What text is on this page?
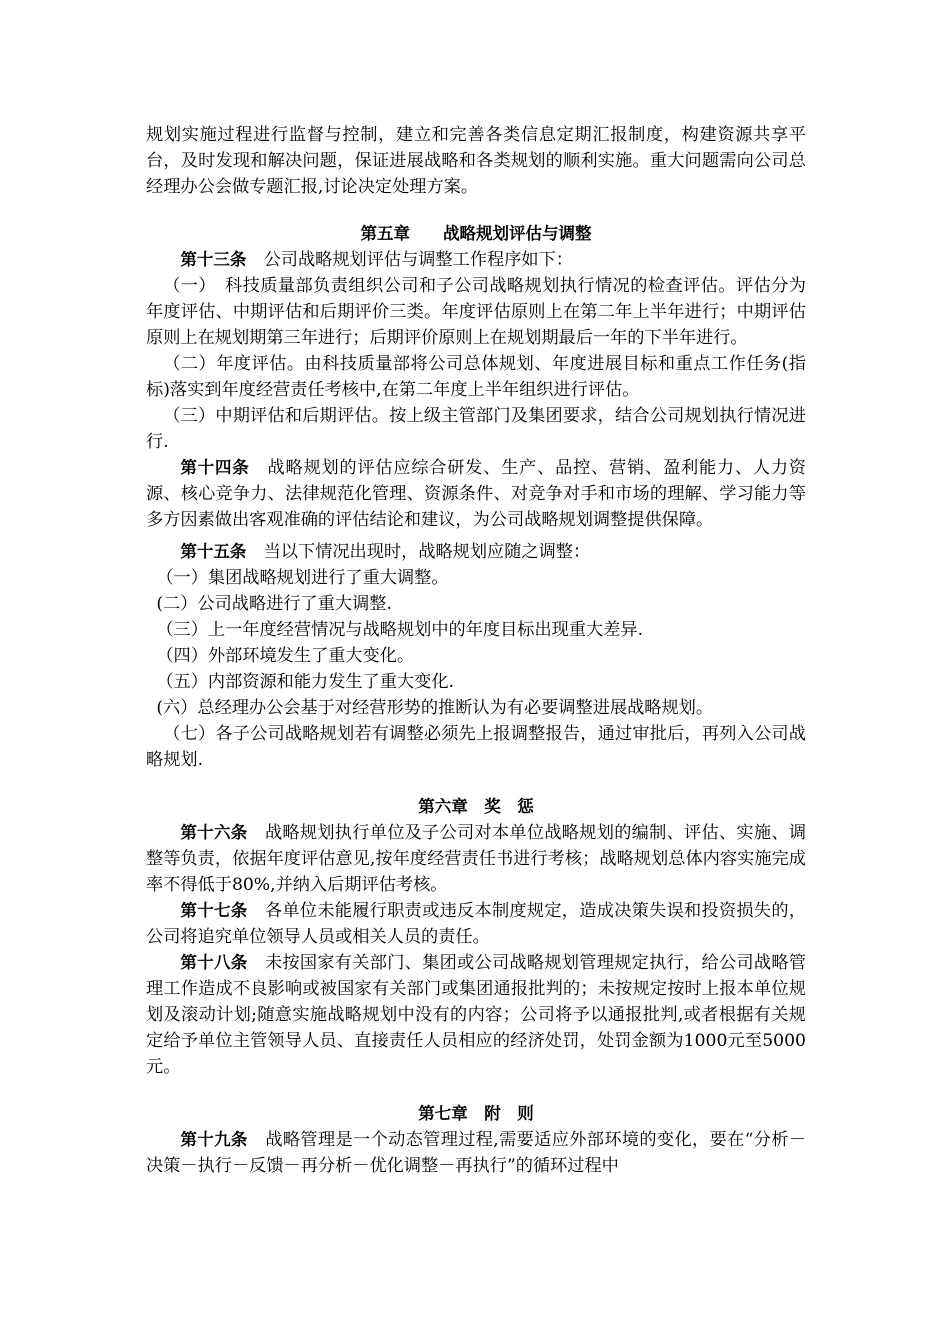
规划实施过程进行监督与控制，建立和完善各类信息定期汇报制度，构建资源共享平台，及时发现和解决问题，保证进展战略和各类规划的顺利实施。重大问题需向公司总经理办公会做专题汇报,讨论决定处理方案。

第五章　　战略规划评估与调整

第十三条　公司战略规划评估与调整工作程序如下：

（一）　科技质量部负责组织公司和子公司战略规划执行情况的检查评估。评估分为年度评估、中期评估和后期评价三类。年度评估原则上在第二年上半年进行；中期评估原则上在规划期第三年进行；后期评价原则上在规划期最后一年的下半年进行。

（二）年度评估。由科技质量部将公司总体规划、年度进展目标和重点工作任务(指标)落实到年度经营责任考核中,在第二年度上半年组织进行评估。

（三）中期评估和后期评估。按上级主管部门及集团要求，结合公司规划执行情况进行.

第十四条　战略规划的评估应综合研发、生产、品控、营销、盈利能力、人力资源、核心竞争力、法律规范化管理、资源条件、对竞争对手和市场的理解、学习能力等多方因素做出客观准确的评估结论和建议，为公司战略规划调整提供保障。

第十五条　当以下情况出现时，战略规划应随之调整：

（一）集团战略规划进行了重大调整。

(二）公司战略进行了重大调整.

（三）上一年度经营情况与战略规划中的年度目标出现重大差异.

（四）外部环境发生了重大变化。

（五）内部资源和能力发生了重大变化.

(六）总经理办公会基于对经营形势的推断认为有必要调整进展战略规划。

（七）各子公司战略规划若有调整必须先上报调整报告，通过审批后，再列入公司战略规划.

第六章　奖　惩

第十六条　战略规划执行单位及子公司对本单位战略规划的编制、评估、实施、调整等负责，依据年度评估意见,按年度经营责任书进行考核；战略规划总体内容实施完成率不得低于80%,并纳入后期评估考核。

第十七条　各单位未能履行职责或违反本制度规定，造成决策失误和投资损失的，公司将追究单位领导人员或相关人员的责任。

第十八条　未按国家有关部门、集团或公司战略规划管理规定执行，给公司战略管理工作造成不良影响或被国家有关部门或集团通报批判的；未按规定按时上报本单位规划及滚动计划;随意实施战略规划中没有的内容；公司将予以通报批判,或者根据有关规定给予单位主管领导人员、直接责任人员相应的经济处罚，处罚金额为1000元至5000元。

第七章　附　则

第十九条　战略管理是一个动态管理过程,需要适应外部环境的变化，要在“分析－决策－执行－反馈－再分析－优化调整－再执行”的循环过程中
